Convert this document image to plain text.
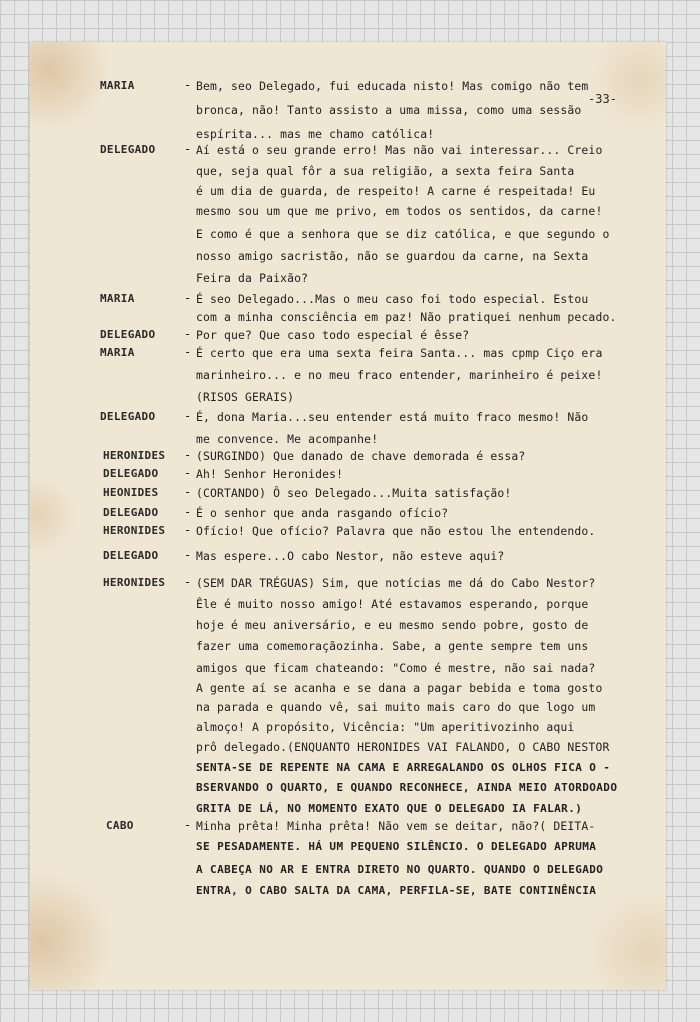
-33-
MARIA	- Bem, seo Delegado, fui educada nisto! Mas comigo não tem
bronca, não! Tanto assisto a uma missa, como uma sessão
espírita... mas me chamo católica!
DELEGADO - Aí está o seu grande erro! Mas não vai interessar... Creio
que, seja qual fôr a sua religião, a sexta feira Santa
é um dia de guarda, de respeito! A carne é respeitada! Eu
mesmo sou um que me privo, em todos os sentidos, da carne!
E como é que a senhora que se diz católica, e que segundo o
nosso amigo sacristão, não se guardou da carne, na Sexta
Feira da Paixão?
MARIA	- É seo Delegado...Mas o meu caso foi todo especial. Estou
com a minha consciência em paz! Não pratiquei nenhum pecado.
DELEGADO - Por que? Que caso todo especial é êsse?
MARIA	- É certo que era uma sexta feira Santa... mas cpmp Ciço era
marinheiro... e no meu fraco entender, marinheiro é peixe!
(RISOS GERAIS)
DELEGADO - É, dona Maria...seu entender está muito fraco mesmo! Não
me convence. Me acompanhe!
HERONIDES - (SURGINDO) Que danado de chave demorada é essa?
DELEGADO - Ah! Senhor Heronides!
HEONIDES - (CORTANDO) Ô seo Delegado...Muita satisfação!
DELEGADO - É o senhor que anda rasgando ofício?
HERONIDES - Ofício! Que ofício? Palavra que não estou lhe entendendo.
DELEGADO - Mas espere...O cabo Nestor, não esteve aqui?
HERONIDES - (SEM DAR TRÉGUAS) Sim, que notícias me dá do Cabo Nestor?
Êle é muito nosso amigo! Até estavamos esperando, porque
hoje é meu aniversário, e eu mesmo sendo pobre, gosto de
fazer uma comemoraçãozinha. Sabe, a gente sempre tem uns
amigos que ficam chateando: "Como é mestre, não sai nada?
A gente aí se acanha e se dana a pagar bebida e toma gosto
na parada e quando vê, sai muito mais caro do que logo um
almoço! A propósito, Vicência: "Um aperitivozinho aqui
prô delegado.(ENQUANTO HERONIDES VAI FALANDO, O CABO NESTOR
SENTA-SE DE REPENTE NA CAMA E ARREGALANDO OS OLHOS FICA O -
BSERVANDO O QUARTO, E QUANDO RECONHECE, AINDA MEIO ATORDOADO
GRITA DE LÁ, NO MOMENTO EXATO QUE O DELEGADO IA FALAR.)
CABO	- Minha prêta! Minha prêta! Não vem se deitar, não?( DEITA-
SE PESADAMENTE. HÁ UM PEQUENO SILÊNCIO. O DELEGADO APRUMA
A CABEÇA NO AR E ENTRA DIRETO NO QUARTO. QUANDO O DELEGADO
ENTRA, O CABO SALTA DA CAMA, PERFILA-SE, BATE CONTINÊNCIA
